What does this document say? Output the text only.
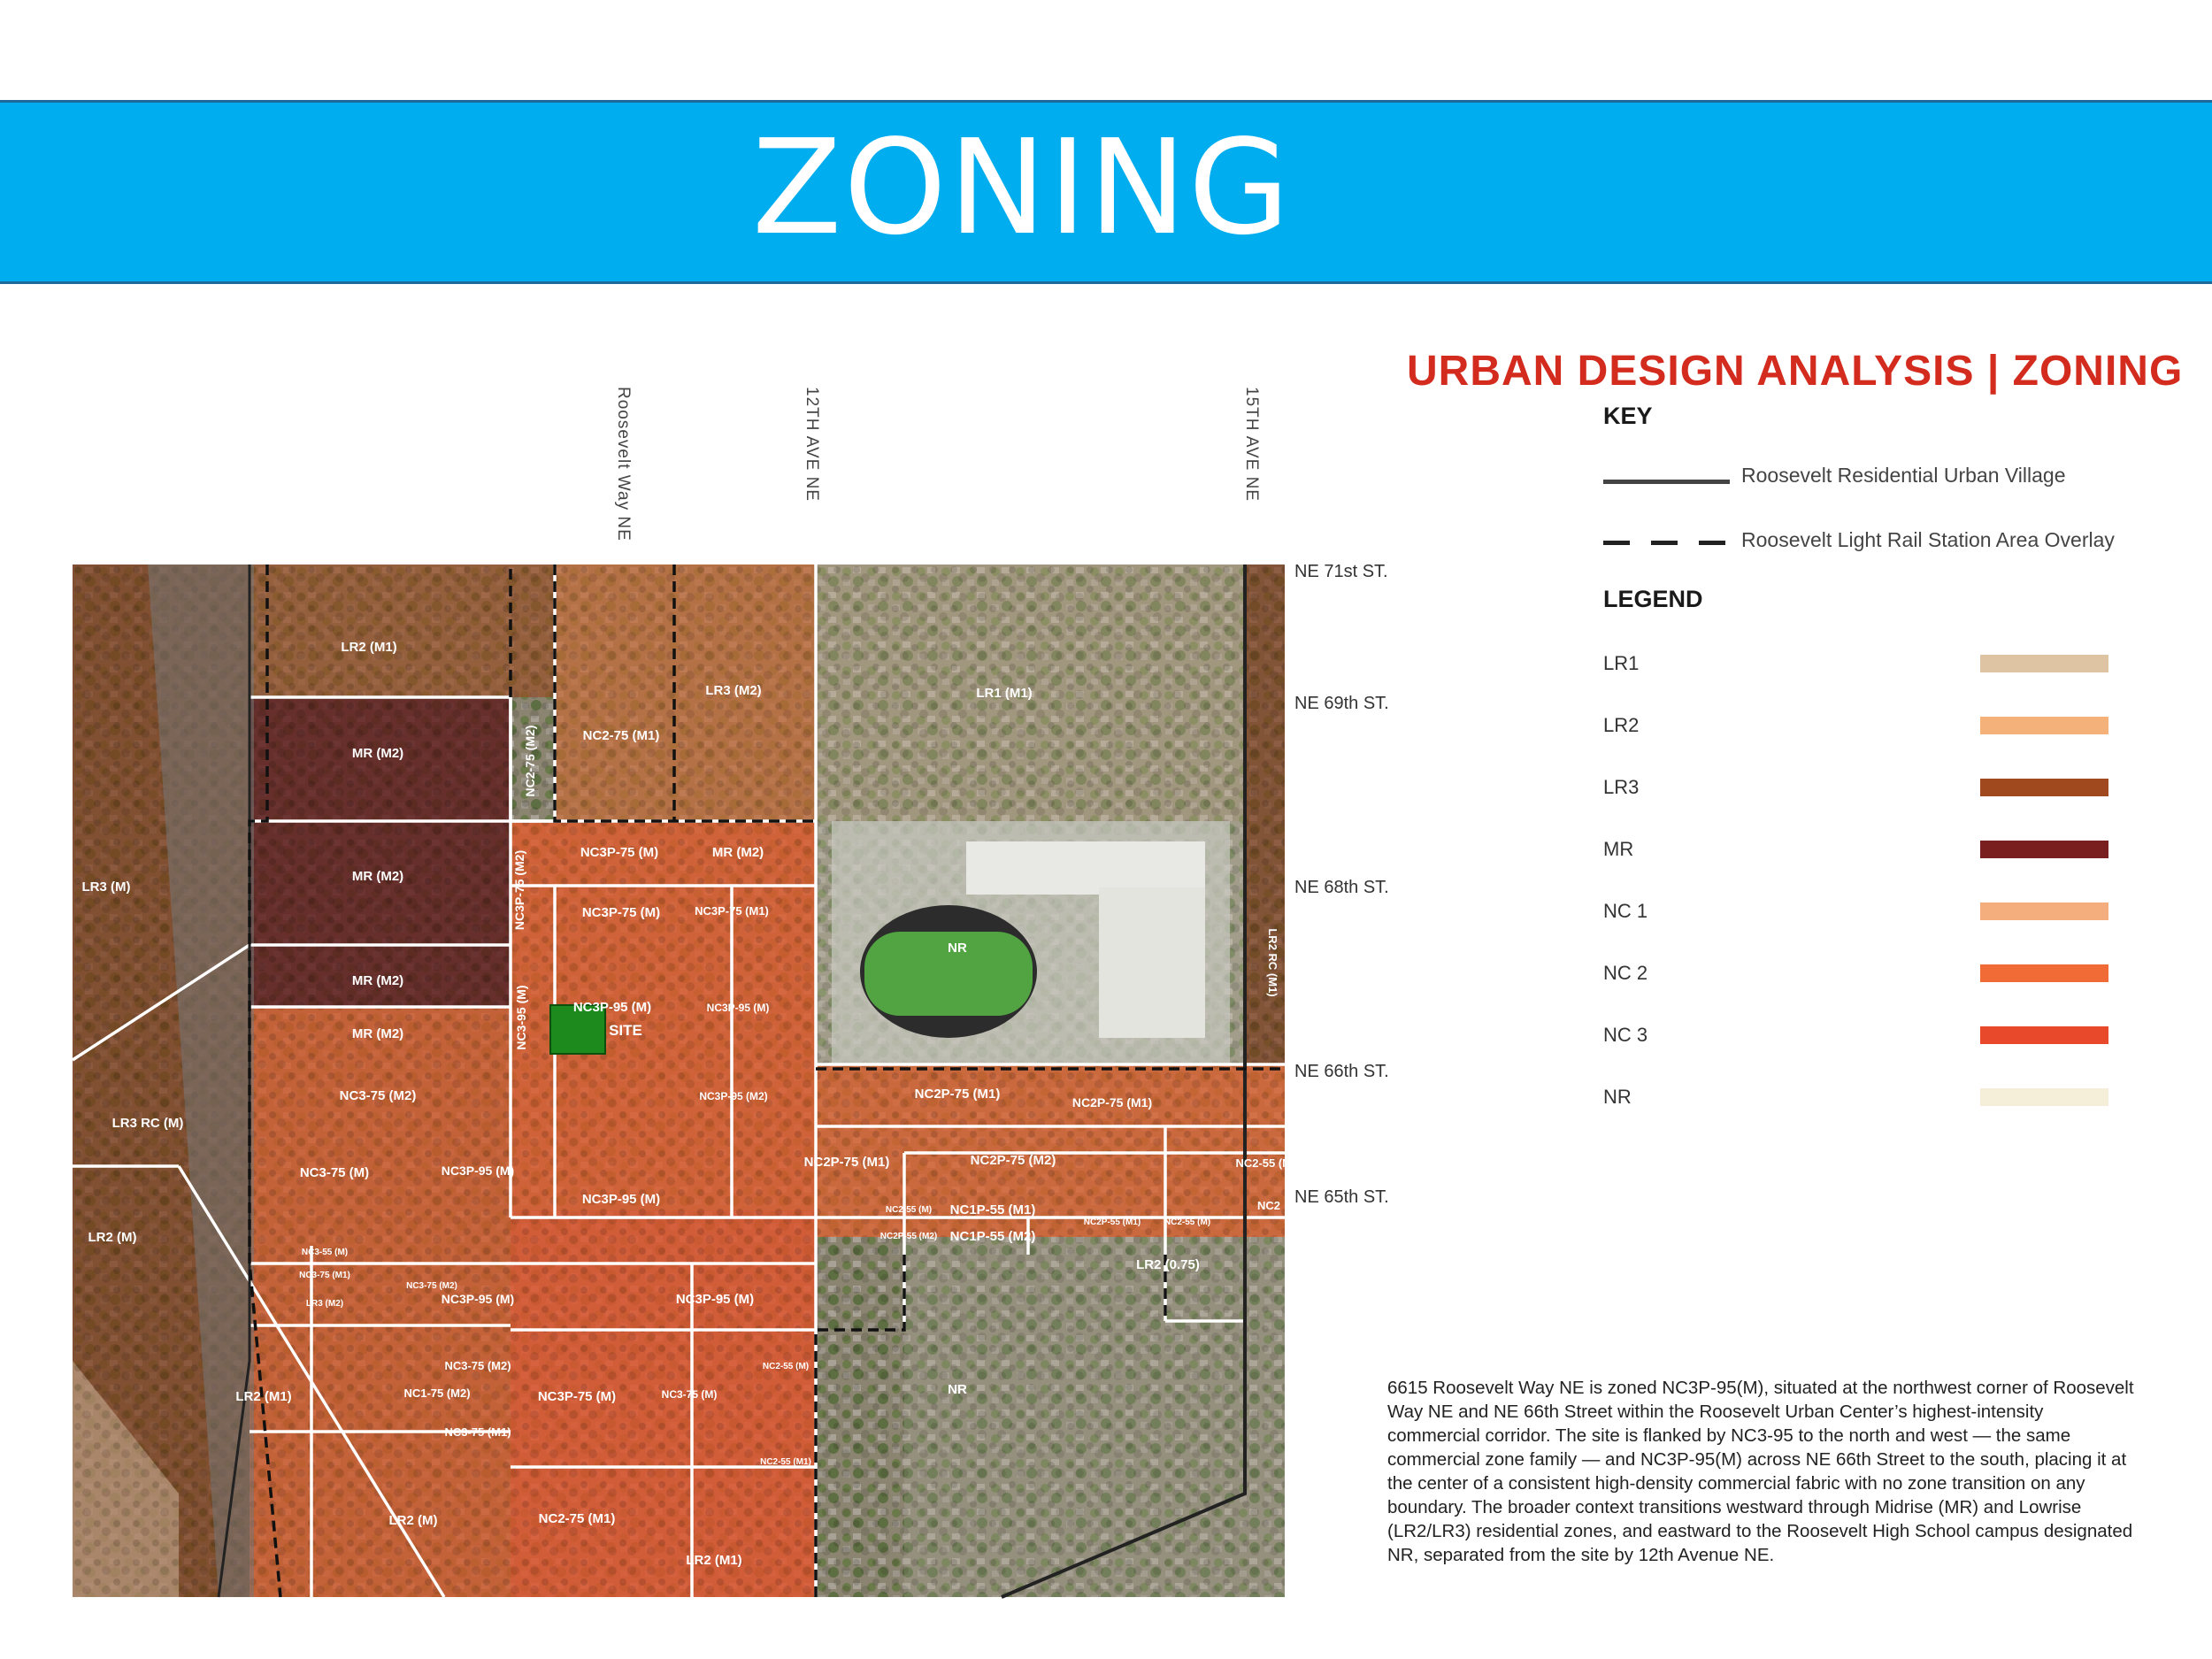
ZONING
Roosevelt Way NE	12TH AVE NE	15TH AVE NE
NE 71st ST.
NE 69th ST.
NE 68th ST.
NE 66th ST.
NE 65th ST.
URBAN DESIGN ANALYSIS | ZONING
KEY
Roosevelt Residential Urban Village
Roosevelt Light Rail Station Area Overlay
LEGEND
LR1
LR2
LR3
MR
NC 1
NC 2
NC 3
NR
6615 Roosevelt Way NE is zoned NC3P-95(M), situated at the northwest corner of Roosevelt Way NE and NE 66th Street within the Roosevelt Urban Center’s highest-intensity commercial corridor. The site is flanked by NC3-95 to the north and west — the same commercial zone family — and NC3P-95(M) across NE 66th Street to the south, placing it at the center of a consistent high-density commercial fabric with no zone transition on any boundary. The broader context transitions westward through Midrise (MR) and Lowrise (LR2/LR3) residential zones, and eastward to the Roosevelt High School campus designated NR, separated from the site by 12th Avenue NE.
LR2 (M1)
LR3 (M2)	LR1 (M1)
MR (M2)
NC2-75 (M1)
NC2-75 (M2)
NC3P-75 (M)	MR (M2)
NC3P-75 (M2)
MR (M2)
NC3P-75 (M)	NC3P-75 (M1)
LR3 (M)
NR	LR2 RC (M1)
MR (M2)
NC3-95 (M)	NC3P-95 (M)	NC3P-95 (M)
MR (M2)	SITE
NC3-75 (M2)	NC3P-95 (M2)	NC2P-75 (M1)
NC2P-75 (M1)
LR3 RC (M)
NC3-75 (M)	NC3P-95 (M)
NC2P-75 (M1)	NC2P-75 (M2)
NC3P-95 (M)
NC2-55 (M) NC1P-55 (M1)
NC2P-55 (M1)	NC2-55 (M)
NC2P-55 (M2) NC1P-55 (M2)
LR2 (M)
NC3-55 (M)
NC3-75 (M1)
NC3-75 (M2)
LR3 (M2)	NC3P-95 (M)	NC3P-95 (M)
LR2 (0.75)
NC3-75 (M2)
LR2 (M1)	NC1-75 (M2)	NC3P-75 (M)	NC3-75 (M)
NC2-55 (M)
NR
NC3-75 (M1)
NC2-55 (M1)
LR2 (M)	NC2-75 (M1)
LR2 (M1)
NC2-55 (M1)
NC2
